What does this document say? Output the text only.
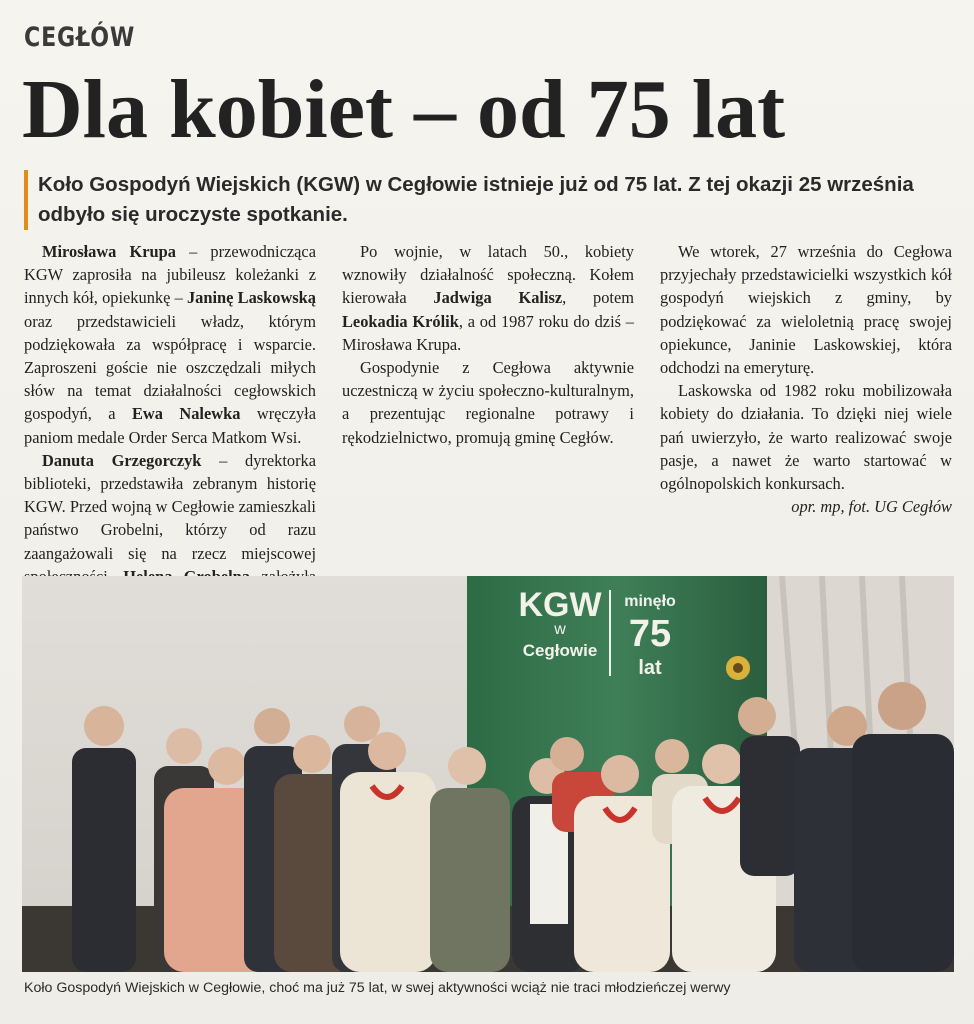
CEGŁÓW
Dla kobiet – od 75 lat
Koło Gospodyń Wiejskich (KGW) w Cegłowie istnieje już od 75 lat. Z tej okazji 25 września odbyło się uroczyste spotkanie.

Mirosława Krupa – przewodnicząca KGW zaprosiła na jubileusz koleżanki z innych kół, opiekunkę – Janinę Laskowską oraz przedstawicieli władz, którym podziękowała za współpracę i wsparcie. Zaproszeni goście nie oszczędzali miłych słów na temat działalności cegłowskich gospodyń, a Ewa Nalewka wręczyła paniom medale Order Serca Matkom Wsi.

Danuta Grzegorczyk – dyrektorka biblioteki, przedstawiła zebranym historię KGW. Przed wojną w Cegłowie zamieszkali państwo Grobelni, którzy od razu zaangażowali się na rzecz miejscowej

Po wojnie, w latach 50., kobiety wznowiły działalność społeczną. Kołem kierowała Jadwiga Kalisz, potem Leokadia Królik, a od 1987 roku do dziś – Mirosława Krupa.

Gospodynie z Cegłowa aktywnie uczestniczą w życiu społeczno-kulturalnym, a prezentując regionalne potrawy i rękodzielnictwo, promują gminę Cegłów.

We wtorek, 27 września do Cegłowa przyjechały przedstawicielki wszystkich kół gospodyń wiejskich z gminy, by podziękować za wieloletnią pracę swojej opiekunce, Janinie Laskowskiej, która odchodzi na emeryturę.

Laskowska od 1982 roku mobilizowała kobiety do działania. To dzięki niej wiele pań uwierzyło, że warto realizować swoje pasje, a nawet że warto startować w ogólnopolskich konkursach.
opr. mp, fot. UG Cegłów

KGW
w
Cegłowie
minęło
75
lat
Koło Gospodyń Wiejskich w Cegłowie, choć ma już 75 lat, w swej aktywności wciąż nie traci młodzieńczej werwy
